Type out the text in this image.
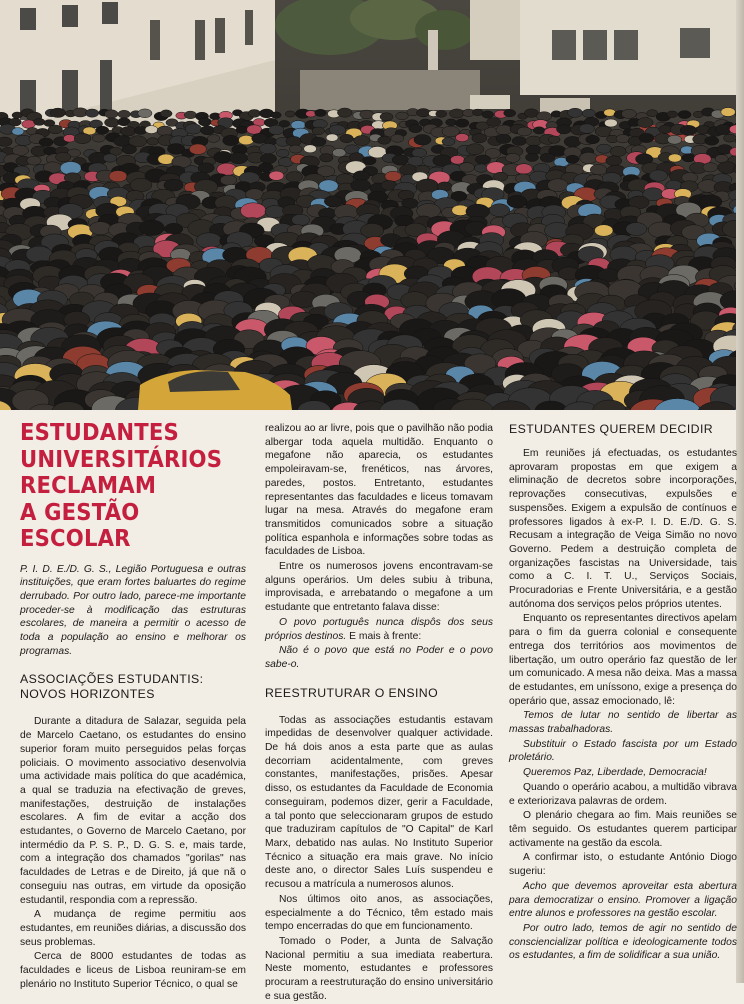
ESTUDANTES
UNIVERSITÁRIOS
RECLAMAM
A GESTÃO ESCOLAR

P. I. D. E./D. G. S., Legião Portuguesa e outras instituições, que eram fortes baluartes do regime derrubado. Por outro lado, parece-me importante proceder-se à modificação das estruturas escolares, de maneira a permitir o acesso de toda a população ao ensino e melhorar os programas.

ASSOCIAÇÕES ESTUDANTIS:
NOVOS HORIZONTES

Durante a ditadura de Salazar, seguida pela de Marcelo Caetano, os estudantes do ensino superior foram muito perseguidos pelas forças policiais. O movimento associativo desenvolvia uma actividade mais política do que académica, a qual se traduzia na efectivação de greves, manifestações, destruição de instalações escolares. A fim de evitar a acção dos estudantes, o Governo de Marcelo Caetano, por intermédio da P. S. P., D. G. S. e, mais tarde, com a integração dos chamados "gorilas" nas faculdades de Letras e de Direito, já que nã o conseguiu nas outras, em virtude da oposição estudantil, respondia com a repressão.

A mudança de regime permitiu aos estudantes, em reuniões diárias, a discussão dos seus problemas.

Cerca de 8000 estudantes de todas as faculdades e liceus de Lisboa reuniram-se em plenário no Instituto Superior Técnico, o qual se

realizou ao ar livre, pois que o pavilhão não podia albergar toda aquela multidão. Enquanto o megafone não aparecia, os estudantes empoleiravam-se, frenéticos, nas árvores, paredes, postos. Entretanto, estudantes representantes das faculdades e liceus tomavam lugar na mesa. Através do megafone eram transmitidos comunicados sobre a situação política espanhola e informações sobre todas as faculdades de Lisboa.

Entre os numerosos jovens encontravam-se alguns operários. Um deles subiu à tribuna, improvisada, e arrebatando o megafone a um estudante que entretanto falava disse:

O povo português nunca dispôs dos seus próprios destinos. E mais à frente:

Não é o povo que está no Poder e o povo sabe-o.

REESTRUTURAR O ENSINO

Todas as associações estudantis estavam impedidas de desenvolver qualquer actividade. De há dois anos a esta parte que as aulas decorriam acidentalmente, com greves constantes, manifestações, prisões. Apesar disso, os estudantes da Faculdade de Economia conseguiram, podemos dizer, gerir a Faculdade, a tal ponto que seleccionaram grupos de estudo que traduziram capítulos de "O Capital" de Karl Marx, debatido nas aulas. No Instituto Superior Técnico a situação era mais grave. No início deste ano, o director Sales Luís suspendeu e recusou a matrícula a numerosos alunos.

Nos últimos oito anos, as associações, especialmente a do Técnico, têm estado mais tempo encerradas do que em funcionamento.

Tomado o Poder, a Junta de Salvação Nacional permitiu a sua imediata reabertura. Neste momento, estudantes e professores procuram a reestruturação do ensino universitário e sua gestão.

ESTUDANTES QUEREM DECIDIR

Em reuniões já efectuadas, os estudantes aprovaram propostas em que exigem a eliminação de decretos sobre incorporações, reprovações consecutivas, expulsões e suspensões. Exigem a expulsão de contínuos e professores ligados à ex-P. I. D. E./D. G. S. Recusam a integração de Veiga Simão no novo Governo. Pedem a destruição completa de organizações fascistas na Universidade, tais como a C. I. T. U., Serviços Sociais, Procuradorias e Frente Universitária, e a gestão autónoma dos serviços pelos próprios utentes.

Enquanto os representantes directivos apelam para o fim da guerra colonial e consequente entrega dos territórios aos movimentos de libertação, um outro operário faz questão de ler um comunicado. A mesa não deixa. Mas a massa de estudantes, em uníssono, exige a presença do operário que, assaz emocionado, lê:

Temos de lutar no sentido de libertar as massas trabalhadoras.

Substituir o Estado fascista por um Estado proletário.

Queremos Paz, Liberdade, Democracia!

Quando o operário acabou, a multidão vibrava e exteriorizava palavras de ordem.

O plenário chegara ao fim. Mais reuniões se têm seguido. Os estudantes querem participar activamente na gestão da escola.

A confirmar isto, o estudante António Diogo sugeriu:

Acho que devemos aproveitar esta abertura para democratizar o ensino. Promover a ligação entre alunos e professores na gestão escolar.

Por outro lado, temos de agir no sentido de consciencializar política e ideologicamente todos os estudantes, a fim de solidificar a sua união.
